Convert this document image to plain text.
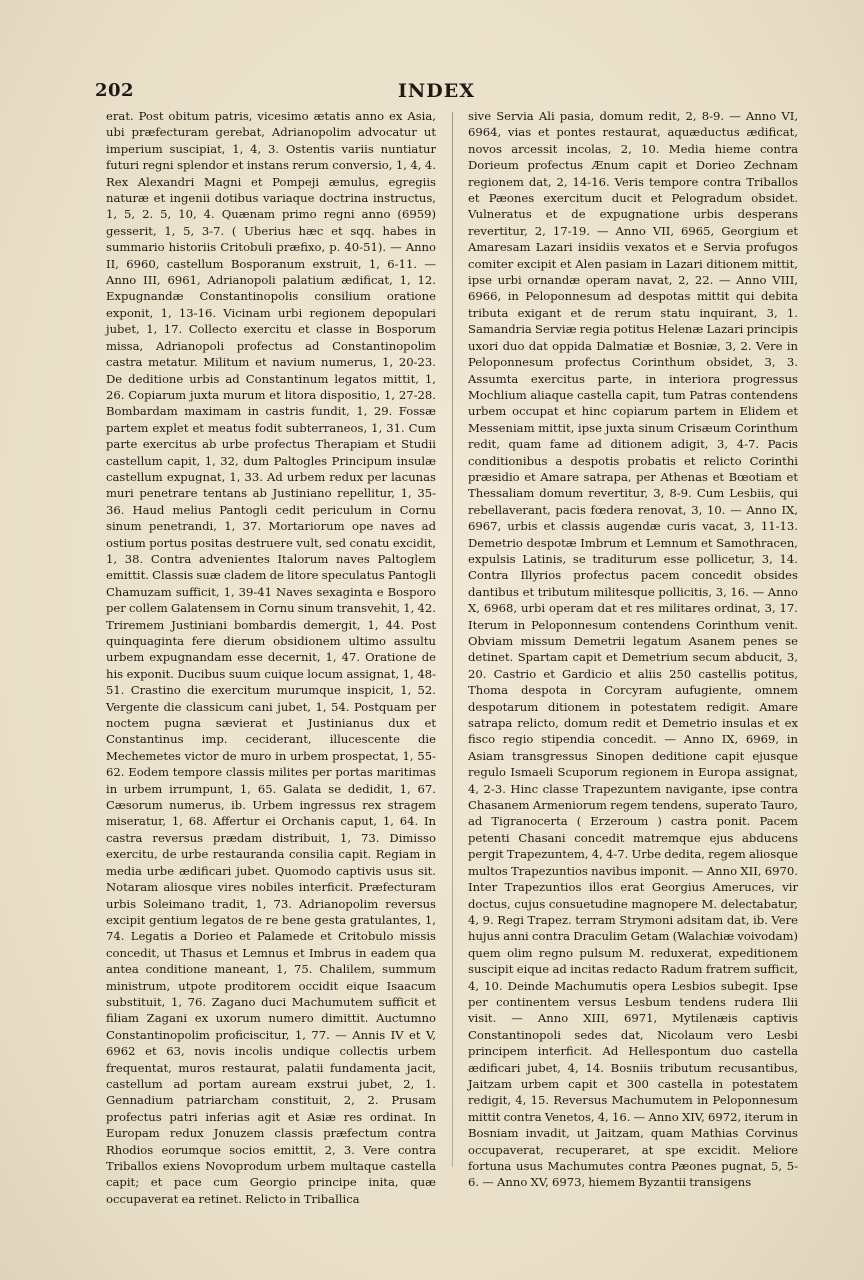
202	INDEX
erat. Post obitum patris, vicesimo ætatis anno ex Asia, ubi præfecturam gerebat, Adrianopolim advocatur ut imperium suscipiat, 1, 4, 3. Ostentis variis nuntiatur futuri regni splendor et instans rerum conversio, 1, 4, 4. Rex Alexandri Magni et Pompeji æmulus, egregiis naturæ et ingenii dotibus variaque doctrina instructus, 1, 5, 2. 5, 10, 4. Quænam primo regni anno (6959) gesserit, 1, 5, 3-7. ( Uberius hæc et sqq. habes in summario historiis Critobuli præfixo, p. 40-51). — Anno II, 6960, castellum Bosporanum exstruit, 1, 6-11. — Anno III, 6961, Adrianopoli palatium ædificat, 1, 12. Expugnandæ Constantinopolis consilium oratione exponit, 1, 13-16. Vicinam urbi regionem depopulari jubet, 1, 17. Collecto exercitu et classe in Bosporum missa, Adrianopoli profectus ad Constantinopolim castra metatur. Militum et navium numerus, 1, 20-23. De deditione urbis ad Constantinum legatos mittit, 1, 26. Copiarum juxta murum et litora dispositio, 1, 27-28. Bombardam maximam in castris fundit, 1, 29. Fossæ partem explet et meatus fodit subterraneos, 1, 31. Cum parte exercitus ab urbe profectus Therapiam et Studii castellum capit, 1, 32, dum Paltogles Principum insulæ castellum expugnat, 1, 33. Ad urbem redux per lacunas muri penetrare tentans ab Justiniano repellitur, 1, 35-36. Haud melius Pantogli cedit periculum in Cornu sinum penetrandi, 1, 37. Mortariorum ope naves ad ostium portus positas destruere vult, sed conatu excidit, 1, 38. Contra advenientes Italorum naves Paltoglem emittit. Classis suæ cladem de litore speculatus Pantogli Chamuzam sufficit, 1, 39-41 Naves sexaginta e Bosporo per collem Galatensem in Cornu sinum transvehit, 1, 42. Triremem Justiniani bombardis demergit, 1, 44. Post quinquaginta fere dierum obsidionem ultimo assultu urbem expugnandam esse decernit, 1, 47. Oratione de his exponit. Ducibus suum cuique locum assignat, 1, 48-51. Crastino die exercitum murumque inspicit, 1, 52. Vergente die classicum cani jubet, 1, 54. Postquam per noctem pugna sævierat et Justinianus dux et Constantinus imp. ceciderant, illucescente die Mechemetes victor de muro in urbem prospectat, 1, 55-62. Eodem tempore classis milites per portas maritimas in urbem irrumpunt, 1, 65. Galata se dedidit, 1, 67. Cæsorum numerus, ib. Urbem ingressus rex stragem miseratur, 1, 68. Affertur ei Orchanis caput, 1, 64. In castra reversus prædam distribuit, 1, 73. Dimisso exercitu, de urbe restauranda consilia capit. Regiam in media urbe ædificari jubet. Quomodo captivis usus sit. Notaram aliosque vires nobiles interficit. Præfecturam urbis Soleimano tradit, 1, 73. Adrianopolim reversus excipit gentium legatos de re bene gesta gratulantes, 1, 74. Legatis a Dorieo et Palamede et Critobulo missis concedit, ut Thasus et Lemnus et Imbrus in eadem qua antea conditione maneant, 1, 75. Chalilem, summum ministrum, utpote proditorem occidit eique Isaacum substituit, 1, 76. Zagano duci Machumutem sufficit et filiam Zagani ex uxorum numero dimittit. Auctumno Constantinopolim proficiscitur, 1, 77. — Annis IV et V, 6962 et 63, novis incolis undique collectis urbem frequentat, muros restaurat, palatii fundamenta jacit, castellum ad portam auream exstrui jubet, 2, 1. Gennadium patriarcham constituit, 2, 2. Prusam profectus patri inferias agit et Asiæ res ordinat. In Europam redux Jonuzem classis præfectum contra Rhodios eorumque socios emittit, 2, 3. Vere contra Triballos exiens Novoprodum urbem multaque castella capit; et pace cum Georgio principe inita, quæ occupaverat ea retinet. Relicto in Triballica
sive Servia Ali pasia, domum redit, 2, 8-9. — Anno VI, 6964, vias et pontes restaurat, aquæductus ædificat, novos arcessit incolas, 2, 10. Media hieme contra Dorieum profectus Ænum capit et Dorieo Zechnam regionem dat, 2, 14-16. Veris tempore contra Triballos et Pæones exercitum ducit et Pelogradum obsidet. Vulneratus et de expugnatione urbis desperans revertitur, 2, 17-19. — Anno VII, 6965, Georgium et Amaresam Lazari insidiis vexatos et e Servia profugos comiter excipit et Alen pasiam in Lazari ditionem mittit, ipse urbi ornandæ operam navat, 2, 22. — Anno VIII, 6966, in Peloponnesum ad despotas mittit qui debita tributa exigant et de rerum statu inquirant, 3, 1. Samandria Serviæ regia potitus Helenæ Lazari principis uxori duo dat oppida Dalmatiæ et Bosniæ, 3, 2. Vere in Peloponnesum profectus Corinthum obsidet, 3, 3. Assumta exercitus parte, in interiora progressus Mochlium aliaque castella capit, tum Patras contendens urbem occupat et hinc copiarum partem in Elidem et Messeniam mittit, ipse juxta sinum Crisæum Corinthum redit, quam fame ad ditionem adigit, 3, 4-7. Pacis conditionibus a despotis probatis et relicto Corinthi præsidio et Amare satrapa, per Athenas et Bœotiam et Thessaliam domum revertitur, 3, 8-9. Cum Lesbiis, qui rebellaverant, pacis fœdera renovat, 3, 10. — Anno IX, 6967, urbis et classis augendæ curis vacat, 3, 11-13. Demetrio despotæ Imbrum et Lemnum et Samothracen, expulsis Latinis, se traditurum esse pollicetur, 3, 14. Contra Illyrios profectus pacem concedit obsides dantibus et tributum militesque pollicitis, 3, 16. — Anno X, 6968, urbi operam dat et res militares ordinat, 3, 17. Iterum in Peloponnesum contendens Corinthum venit. Obviam missum Demetrii legatum Asanem penes se detinet. Spartam capit et Demetrium secum abducit, 3, 20. Castrio et Gardicio et aliis 250 castellis potitus, Thoma despota in Corcyram aufugiente, omnem despotarum ditionem in potestatem redigit. Amare satrapa relicto, domum redit et Demetrio insulas et ex fisco regio stipendia concedit. — Anno IX, 6969, in Asiam transgressus Sinopen deditione capit ejusque regulo Ismaeli Scuporum regionem in Europa assignat, 4, 2-3. Hinc classe Trapezuntem navigante, ipse contra Chasanem Armeniorum regem tendens, superato Tauro, ad Tigranocerta ( Erzeroum ) castra ponit. Pacem petenti Chasani concedit matremque ejus abducens pergit Trapezuntem, 4, 4-7. Urbe dedita, regem aliosque multos Trapezuntios navibus imponit. — Anno XII, 6970. Inter Trapezuntios illos erat Georgius Ameruces, vir doctus, cujus consuetudine magnopere M. delectabatur, 4, 9. Regi Trapez. terram Strymoni adsitam dat, ib. Vere hujus anni contra Draculim Getam (Walachiæ voivodam) quem olim regno pulsum M. reduxerat, expeditionem suscipit eique ad incitas redacto Radum fratrem sufficit, 4, 10. Deinde Machumutis opera Lesbios subegit. Ipse per continentem versus Lesbum tendens rudera Ilii visit. — Anno XIII, 6971, Mytilenæis captivis Constantinopoli sedes dat, Nicolaum vero Lesbi principem interficit. Ad Hellespontum duo castella ædificari jubet, 4, 14. Bosniis tributum recusantibus, Jaitzam urbem capit et 300 castella in potestatem redigit, 4, 15. Reversus Machumutem in Peloponnesum mittit contra Venetos, 4, 16. — Anno XIV, 6972, iterum in Bosniam invadit, ut Jaitzam, quam Mathias Corvinus occupaverat, recuperaret, at spe excidit. Meliore fortuna usus Machumutes contra Pæones pugnat, 5, 5-6. — Anno XV, 6973, hiemem Byzantii transigens
